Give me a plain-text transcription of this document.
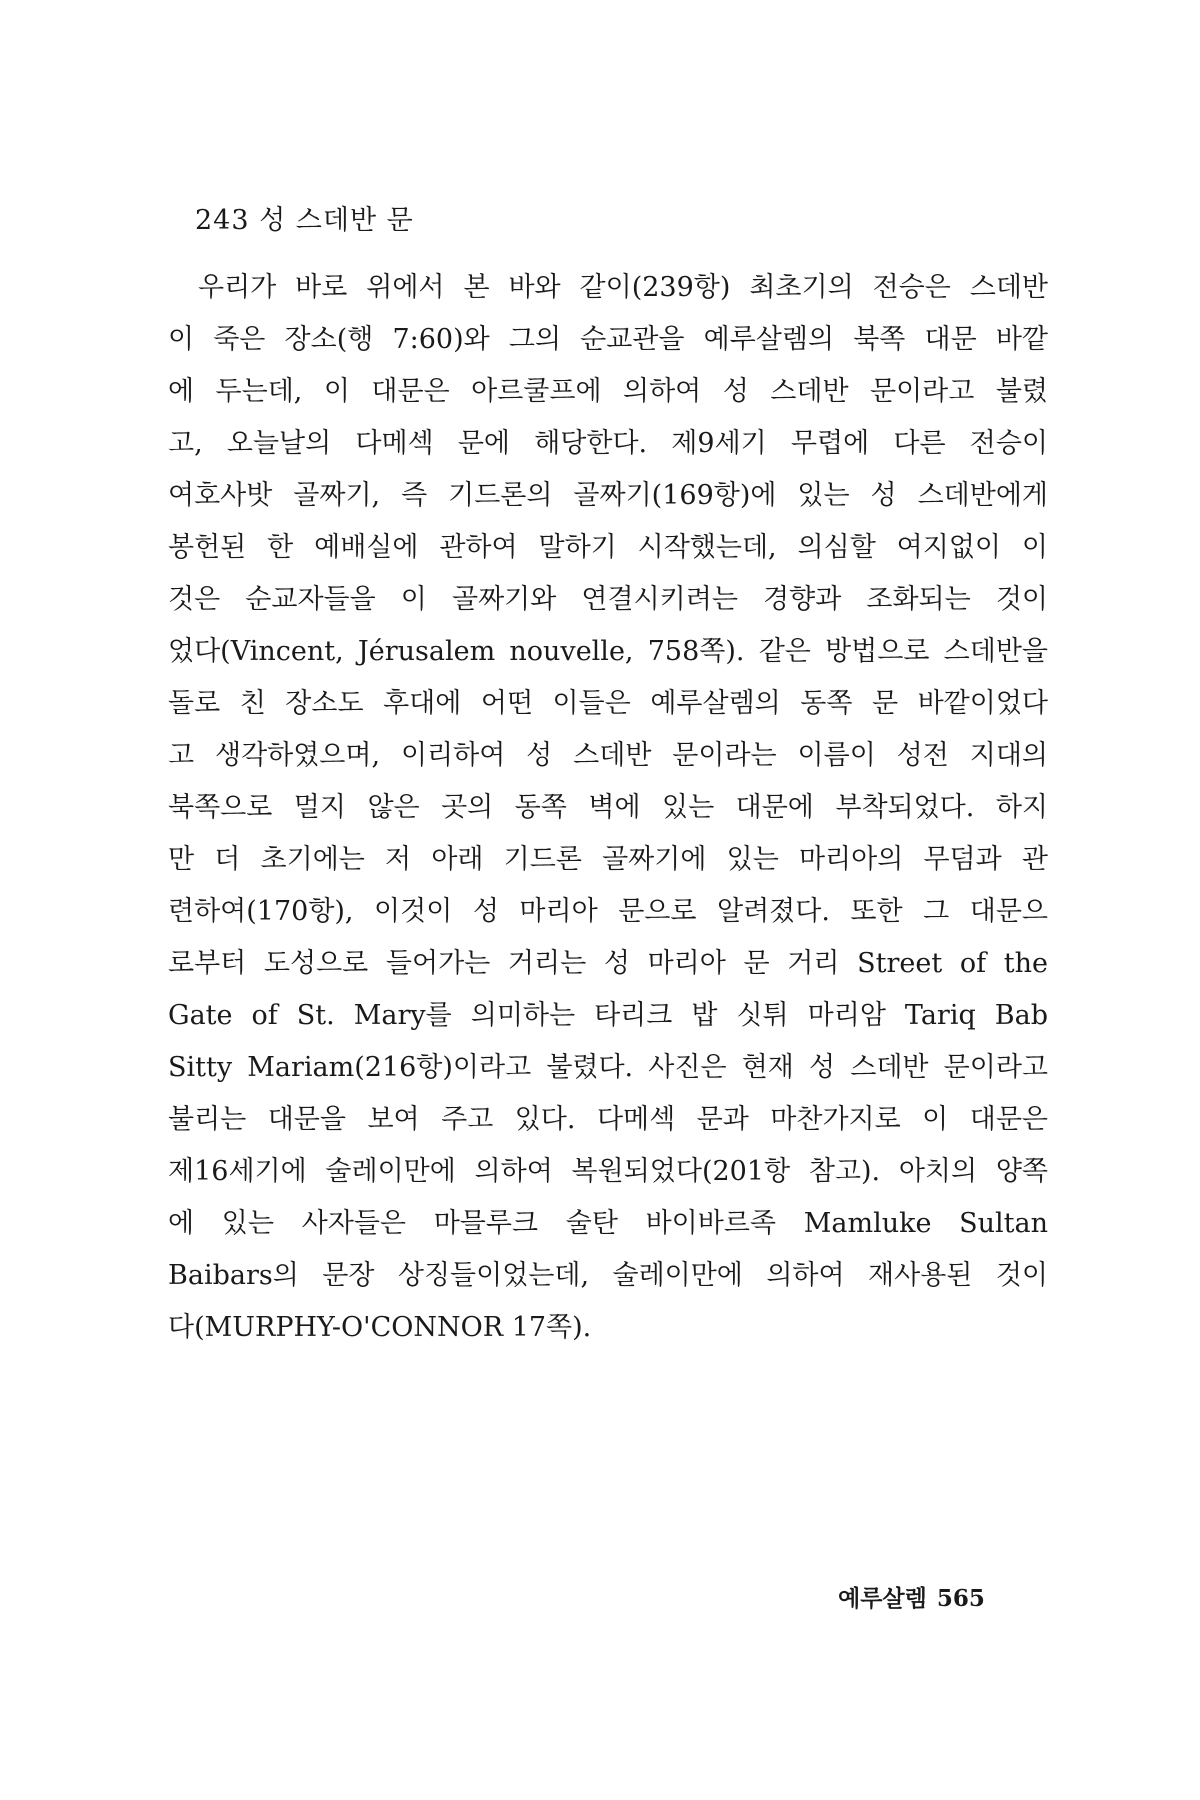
243 성 스데반 문
우리가 바로 위에서 본 바와 같이(239항) 최초기의 전승은 스데반
이 죽은 장소(행 7:60)와 그의 순교관을 예루살렘의 북쪽 대문 바깥
에 두는데, 이 대문은 아르쿨프에 의하여 성 스데반 문이라고 불렸
고, 오늘날의 다메섹 문에 해당한다. 제9세기 무렵에 다른 전승이
여호사밧 골짜기, 즉 기드론의 골짜기(169항)에 있는 성 스데반에게
봉헌된 한 예배실에 관하여 말하기 시작했는데, 의심할 여지없이 이
것은 순교자들을 이 골짜기와 연결시키려는 경향과 조화되는 것이
었다(Vincent, Jérusalem nouvelle, 758쪽). 같은 방법으로 스데반을
돌로 친 장소도 후대에 어떤 이들은 예루살렘의 동쪽 문 바깥이었다
고 생각하였으며, 이리하여 성 스데반 문이라는 이름이 성전 지대의
북쪽으로 멀지 않은 곳의 동쪽 벽에 있는 대문에 부착되었다. 하지
만 더 초기에는 저 아래 기드론 골짜기에 있는 마리아의 무덤과 관
련하여(170항), 이것이 성 마리아 문으로 알려졌다. 또한 그 대문으
로부터 도성으로 들어가는 거리는 성 마리아 문 거리 Street of the
Gate of St. Mary를 의미하는 타리크 밥 싯튀 마리암 Tariq Bab
Sitty Mariam(216항)이라고 불렸다. 사진은 현재 성 스데반 문이라고
불리는 대문을 보여 주고 있다. 다메섹 문과 마찬가지로 이 대문은
제16세기에 술레이만에 의하여 복원되었다(201항 참고). 아치의 양쪽
에 있는 사자들은 마믈루크 술탄 바이바르족 Mamluke Sultan
Baibars의 문장 상징들이었는데, 술레이만에 의하여 재사용된 것이
다(MURPHY-O'CONNOR 17쪽).
예루살렘 565
